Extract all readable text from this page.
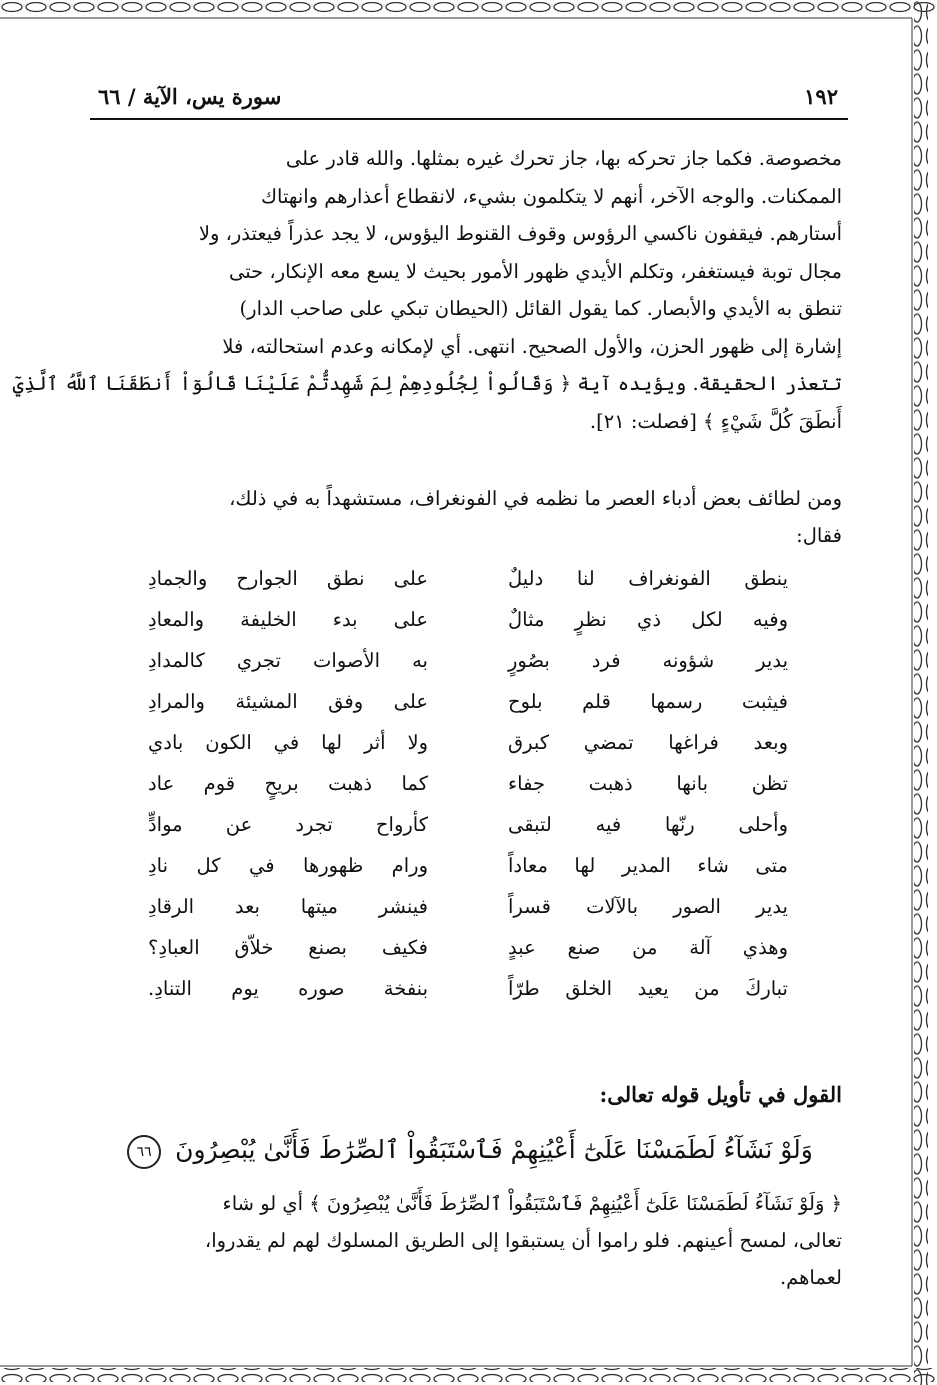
١٩٢
سورة يس، الآية / ٦٦
مخصوصة. فكما جاز تحركه بها، جاز تحرك غيره بمثلها. والله قادر على
الممكنات. والوجه الآخر، أنهم لا يتكلمون بشيء، لانقطاع أعذارهم وانهتاك
أستارهم. فيقفون ناكسي الرؤوس وقوف القنوط اليؤوس، لا يجد عذراً فيعتذر، ولا
مجال توبة فيستغفر، وتكلم الأيدي ظهور الأمور بحيث لا يسع معه الإنكار، حتى
تنطق به الأيدي والأبصار. كما يقول القائل (الحيطان تبكي على صاحب الدار)
إشارة إلى ظهور الحزن، والأول الصحيح. انتهى. أي لإمكانه وعدم استحالته، فلا
تتعذر الحقيقة. ويؤيده آية ﴿ وَقَالُواْ لِجُلُودِهِمْ لِمَ شَهِدتُّمْ عَلَيْنَا قَالُوٓاْ أَنطَقَنَا ٱللَّهُ ٱلَّذِيٓ
أَنطَقَ كُلَّ شَيْءٍ ﴾ [فصلت: ٢١].
ومن لطائف بعض أدباء العصر ما نظمه في الفونغراف، مستشهداً به في ذلك،
فقال:
ينطق الفونغراف لنا دليلٌ
على نطق الجوارح والجمادِ
وفيه لكل ذي نظرٍ مثالٌ
على بدء الخليفة والمعادِ
يدير شؤونه فرد بصُورٍ
به الأصوات تجري كالمدادِ
فيثبت رسمها قلم بلوح
على وفق المشيئة والمرادِ
وبعد فراغها تمضي كبرق
ولا أثر لها في الكون بادي
تظن بانها ذهبت جفاء
كما ذهبت بريحٍ قوم عاد
وأحلى رنّها فيه لتبقى
كأرواح تجرد عن موادٍّ
متى شاء المدير لها معاداً
ورام ظهورها في كل نادِ
يدير الصور بالآلات قسراً
فينشر ميتها بعد الرقادِ
وهذي آلة من صنع عبدٍ
فكيف بصنع خلاّق العبادِ؟
تباركَ من يعيد الخلق طرّاً
بنفخة صوره يوم التنادِ.
القول في تأويل قوله تعالى:
وَلَوْ نَشَآءُ لَطَمَسْنَا عَلَىٰٓ أَعْيُنِهِمْ فَٱسْتَبَقُواْ ٱلصِّرَٰطَ فَأَنَّىٰ يُبْصِرُونَ ٦٦
﴿ وَلَوْ نَشَآءُ لَطَمَسْنَا عَلَىٰٓ أَعْيُنِهِمْ فَٱسْتَبَقُواْ ٱلصِّرَٰطَ فَأَنَّىٰ يُبْصِرُونَ ﴾ أي لو شاء
تعالى، لمسح أعينهم. فلو راموا أن يستبقوا إلى الطريق المسلوك لهم لم يقدروا،
لعماهم.
